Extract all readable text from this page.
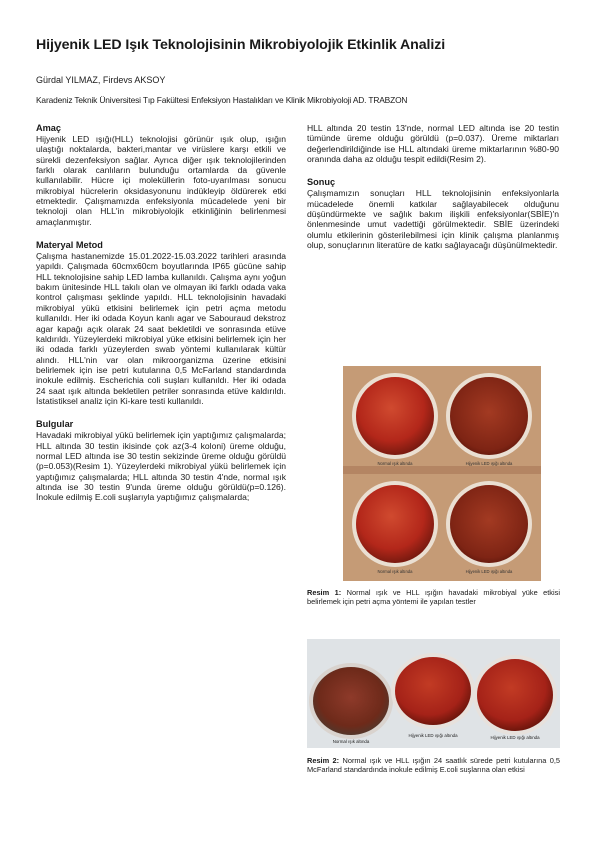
Hijyenik LED Işık Teknolojisinin Mikrobiyolojik Etkinlik Analizi

Gürdal YILMAZ, Firdevs AKSOY

Karadeniz Teknik Üniversitesi Tıp Fakültesi Enfeksiyon Hastalıkları ve Klinik Mikrobiyoloji AD. TRABZON

Amaç

Hijyenik LED ışığı(HLL) teknolojisi görünür ışık olup, ışığın ulaştığı noktalarda, bakteri,mantar ve virüslere karşı etkili ve sürekli dezenfeksiyon sağlar. Ayrıca diğer ışık teknolojilerinden farklı olarak canlıların bulunduğu ortamlarda da güvenle kullanılabilir. Hücre içi moleküllerin foto-uyarılması sonucu mikrobiyal hücrelerin oksidasyonunu indükleyip öldürerek etki etmektedir. Çalışmamızda enfeksiyonla mücadelede yeni bir teknoloji olan HLL'in mikrobiyolojik etkinliğinin belirlenmesi amaçlanmıştır.

Materyal Metod

Çalışma hastanemizde 15.01.2022-15.03.2022 tarihleri arasında yapıldı. Çalışmada 60cmx60cm boyutlarında IP65 gücüne sahip HLL teknolojisine sahip LED lamba kullanıldı. Çalışma aynı yoğun bakım ünitesinde HLL takılı olan ve olmayan iki farklı odada vaka kontrol çalışması şeklinde yapıldı. HLL teknolojisinin havadaki mikrobiyal yükü etkisini belirlemek için petri açma metodu kullanıldı. Her iki odada Koyun kanlı agar ve Sabouraud dekstroz agar kapağı açık olarak 24 saat bekletildi ve sonrasında etüve kaldırıldı. Yüzeylerdeki mikrobiyal yüke etkisini belirlemek için her iki odada farklı yüzeylerden swab yöntemi kullanılarak kültür alındı. HLL'nin var olan mikroorganizma üzerine etkisini belirlemek için ise petri kutularına 0,5 McFarland standardında inokule edilmiş. Escherichia coli suşları kullanıldı. Her iki odada 24 saat ışık altında bekletilen petriler sonrasında etüve kaldırıldı. İstatistiksel analiz için Ki-kare testi kullanıldı.

Bulgular

Havadaki mikrobiyal yükü belirlemek için yaptığımız çalışmalarda; HLL altında 30 testin ikisinde çok az(3-4 koloni) üreme olduğu, normal LED altında ise 30 testin sekizinde üreme olduğu görüldü (p=0.053)(Resim 1). Yüzeylerdeki mikrobiyal yükü belirlemek için yaptığımız çalışmalarda; HLL altında 30 testin 4'nde, normal ışık altında ise 30 testin 9'unda üreme olduğu görüldü(p=0.126). İnokule edilmiş E.coli suşlarıyla yaptığımız çalışmalarda;

HLL altında 20 testin 13'nde, normal LED altında ise 20 testin tümünde üreme olduğu görüldü (p=0.037). Üreme miktarları değerlendirildiğinde ise HLL altındaki üreme miktarlarının %80-90 oranında daha az olduğu tespit edildi(Resim 2).

Sonuç

Çalışmamızın sonuçları HLL teknolojisinin enfeksiyonlarla mücadelede önemli katkılar sağlayabilecek olduğunu düşündürmekte ve sağlık bakım ilişkili enfeksiyonlar(SBİE)'n önlenmesinde umut vadettiği görülmektedir. SBİE üzerindeki olumlu etkilerinin gösterilebilmesi için klinik çalışma planlanmış olup, sonuçlarının literatüre de katkı sağlayacağı düşünülmektedir.

Normal ışık altında	Hijyenik LED ışığı altında
Normal ışık altında	Hijyenik LED ışığı altında

Resim 1: Normal ışık ve HLL ışığın havadaki mikrobiyal yüke etkisi belirlemek için petri açma yöntemi ile yapılan testler

Normal ışık altında
Hijyenik LED ışığı altında	Hijyenik LED ışığı altında

Resim 2: Normal ışık ve HLL ışığın 24 saatlık sürede petri kutularına 0,5 McFarland standardında inokule edilmiş E.coli suşlarına olan etkisi
